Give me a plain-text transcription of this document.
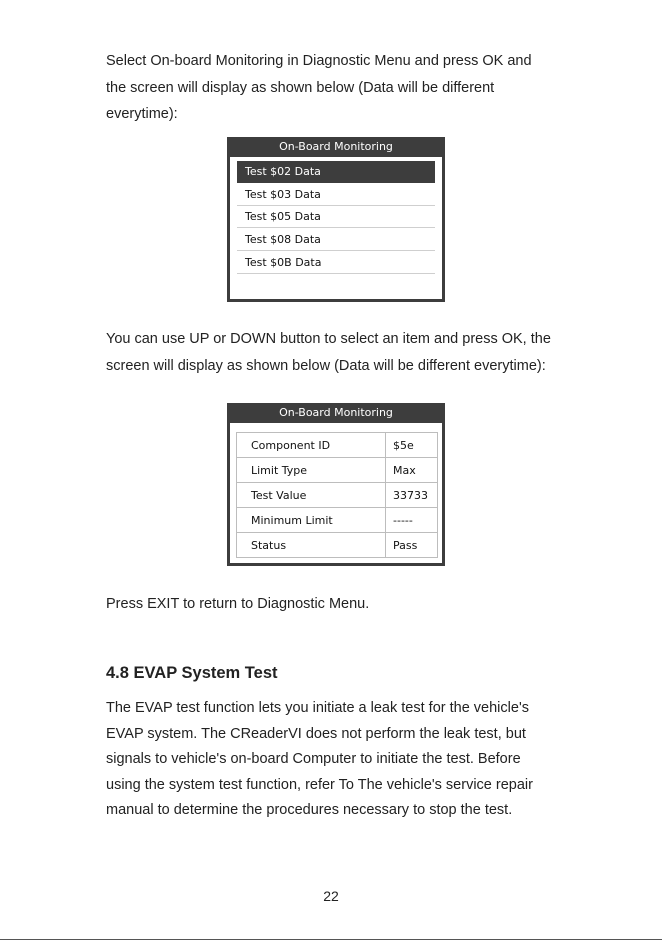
Select On-board Monitoring in Diagnostic Menu and press OK and
the screen will display as shown below (Data will be different
everytime):

On-Board Monitoring
Test $02 Data
Test $03 Data
Test $05 Data
Test $08 Data
Test $0B Data

You can use UP or DOWN button to select an item and press OK, the
screen will display as shown below (Data will be different everytime):

On-Board Monitoring
Component ID	$5e
Limit Type	Max
Test Value	33733
Minimum Limit	-----
Status	Pass

Press EXIT to return to Diagnostic Menu.

4.8 EVAP System Test

The EVAP test function lets you initiate a leak test for the vehicle's
EVAP system. The CReaderVI does not perform the leak test, but
signals to vehicle's on-board Computer to initiate the test. Before
using the system test function, refer To The vehicle's service repair
manual to determine the procedures necessary to stop the test.

22
